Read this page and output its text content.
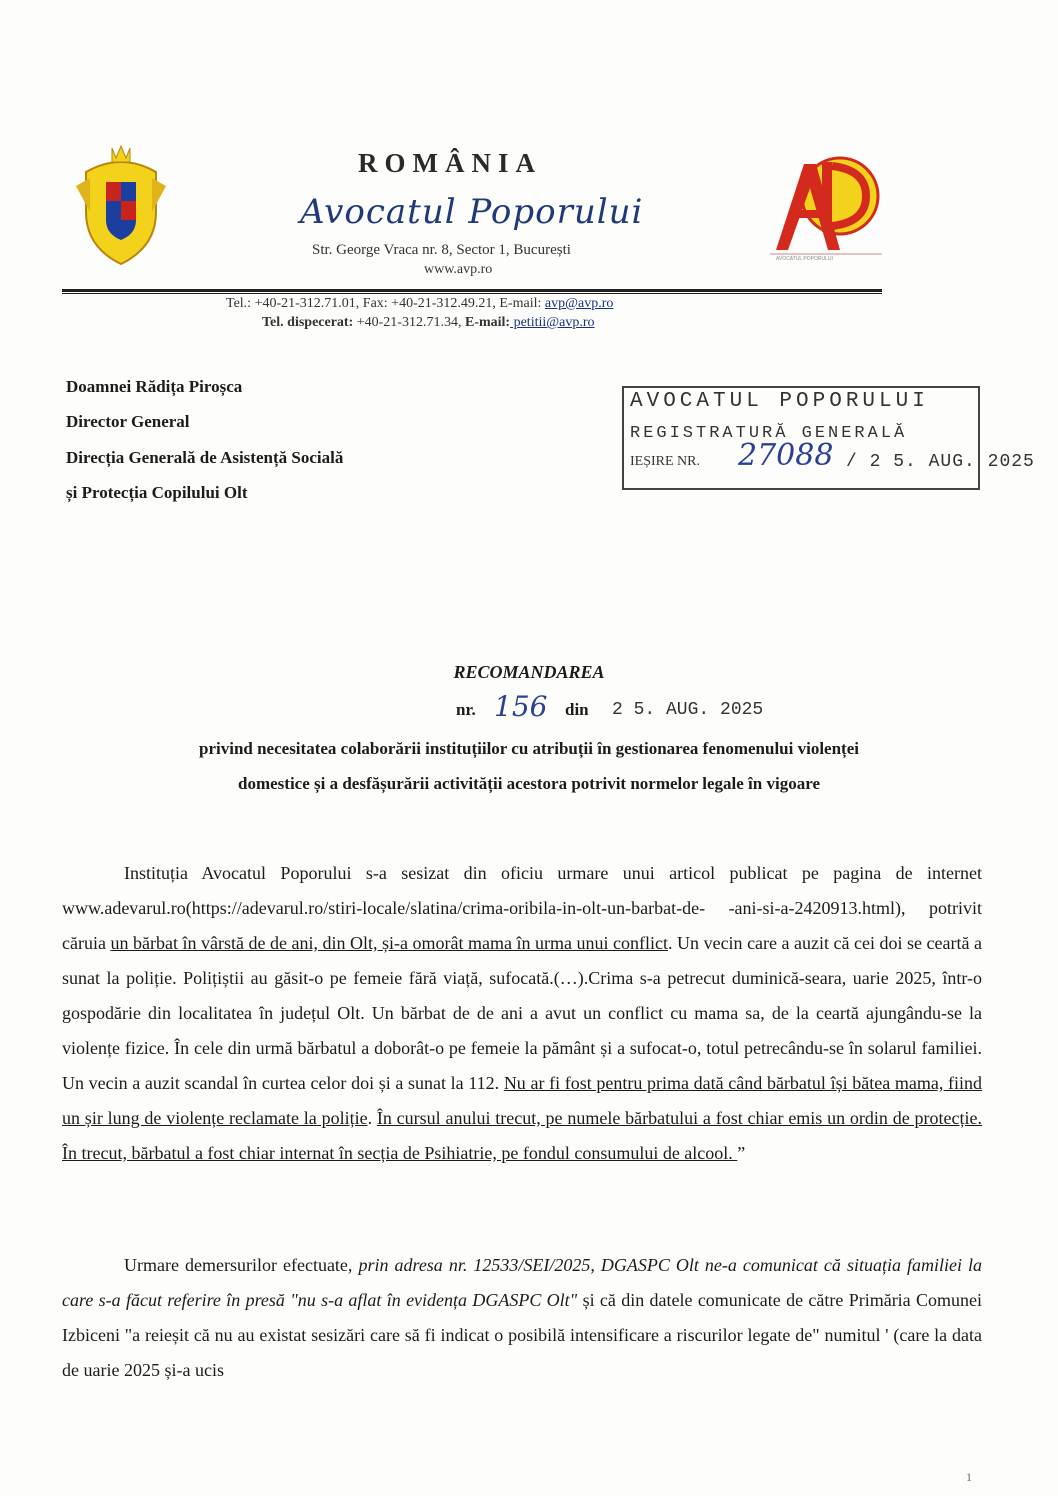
ROMÂNIA
Avocatul Poporului
Str. George Vraca nr. 8, Sector 1, București
www.avp.ro
AVOCATUL POPORULUI
Tel.: +40-21-312.71.01, Fax: +40-21-312.49.21, E-mail: avp@avp.ro
Tel. dispecerat: +40-21-312.71.34, E-mail: petitii@avp.ro
Doamnei Rădița Piroșca
Director General
Direcția Generală de Asistență Socială
și Protecția Copilului Olt
AVOCATUL POPORULUI
REGISTRATURĂ GENERALĂ
IEȘIRE NR. 27088 / 2 5. AUG. 2025
RECOMANDAREA
nr. 156 din 2 5. AUG. 2025
privind necesitatea colaborării instituțiilor cu atribuții în gestionarea fenomenului violenței
domestice și a desfășurării activității acestora potrivit normelor legale în vigoare

Instituția Avocatul Poporului s-a sesizat din oficiu urmare unui articol publicat pe pagina de internet www.adevarul.ro(https://adevarul.ro/stiri-locale/slatina/crima-oribila-in-olt-un-barbat-de- -ani-si-a-2420913.html), potrivit căruia un bărbat în vârstă de de ani, din Olt, și-a omorât mama în urma unui conflict. Un vecin care a auzit că cei doi se ceartă a sunat la poliție. Polițiștii au găsit-o pe femeie fără viață, sufocată.(…).Crima s-a petrecut duminică-seara, uarie 2025, într-o gospodărie din localitatea în județul Olt. Un bărbat de de ani a avut un conflict cu mama sa, de la ceartă ajungându-se la violențe fizice. În cele din urmă bărbatul a doborât-o pe femeie la pământ și a sufocat-o, totul petrecându-se în solarul familiei. Un vecin a auzit scandal în curtea celor doi și a sunat la 112. Nu ar fi fost pentru prima dată când bărbatul își bătea mama, fiind un șir lung de violențe reclamate la poliție. În cursul anului trecut, pe numele bărbatului a fost chiar emis un ordin de protecție. În trecut, bărbatul a fost chiar internat în secția de Psihiatrie, pe fondul consumului de alcool. ”

Urmare demersurilor efectuate, prin adresa nr. 12533/SEI/2025, DGASPC Olt ne-a comunicat că situația familiei la care s-a făcut referire în presă "nu s-a aflat în evidența DGASPC Olt" și că din datele comunicate de către Primăria Comunei Izbiceni "a reieșit că nu au existat sesizări care să fi indicat o posibilă intensificare a riscurilor legate de" numitul ' (care la data de uarie 2025 și-a ucis

1
